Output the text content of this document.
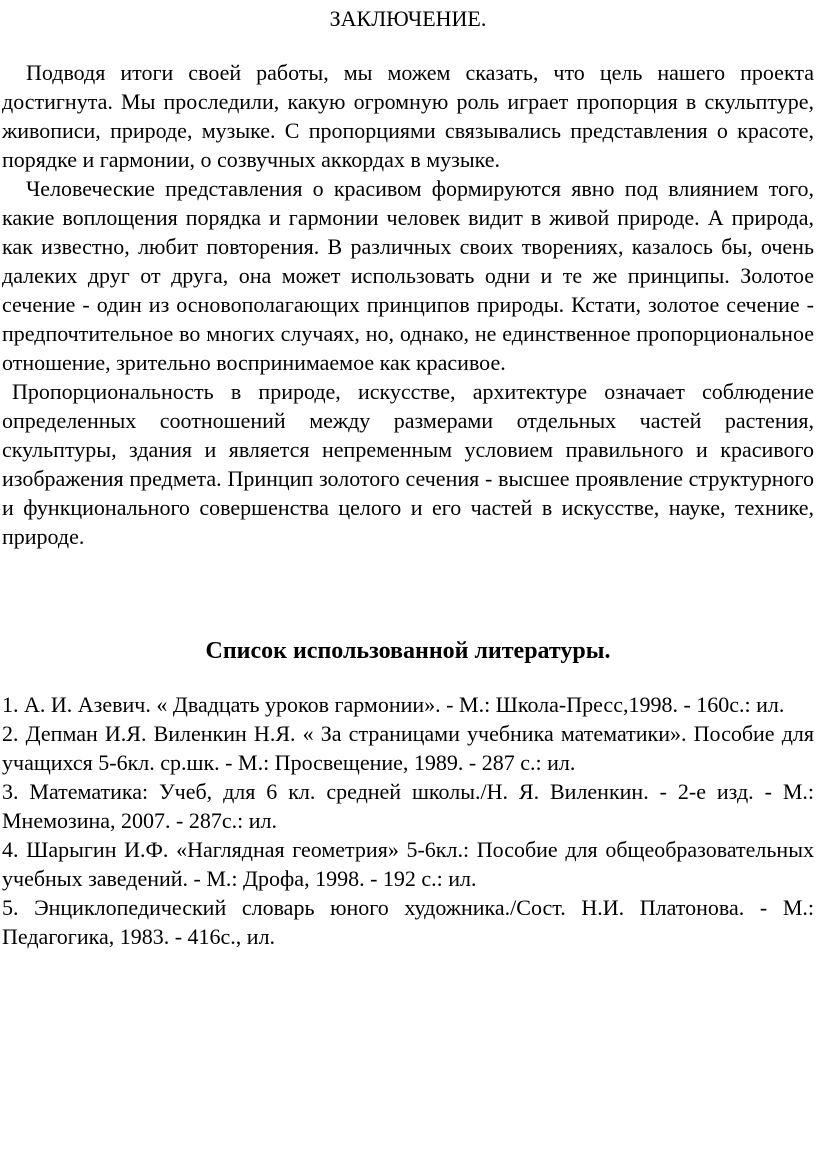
ЗАКЛЮЧЕНИЕ.

Подводя итоги своей работы, мы можем сказать, что цель нашего проекта достигнута. Мы проследили, какую огромную роль играет пропорция в скульптуре, живописи, природе, музыке. С пропорциями связывались представления о красоте, порядке и гармонии, о созвучных аккордах в музыке.

Человеческие представления о красивом формируются явно под влиянием того, какие воплощения порядка и гармонии человек видит в живой природе. А природа, как известно, любит повторения. В различных своих творениях, казалось бы, очень далеких друг от друга, она может использовать одни и те же принципы. Золотое сечение - один из основополагающих принципов природы. Кстати, золотое сечение - предпочтительное во многих случаях, но, однако, не единственное пропорциональное отношение, зрительно воспринимаемое как красивое.

Пропорциональность в природе, искусстве, архитектуре означает соблюдение определенных соотношений между размерами отдельных частей растения, скульптуры, здания и является непременным условием правильного и красивого изображения предмета. Принцип золотого сечения - высшее проявление структурного и функционального совершенства целого и его частей в искусстве, науке, технике, природе.

Список использованной литературы.
1. А. И. Азевич. « Двадцать уроков гармонии». - М.: Школа-Пресс,1998. - 160с.: ил.
2. Депман И.Я. Виленкин Н.Я. « За страницами учебника математики». Пособие для учащихся 5-6кл. ср.шк. - М.: Просвещение, 1989. - 287 с.: ил.
3. Математика: Учеб, для 6 кл. средней школы./Н. Я. Виленкин. - 2-е изд. - М.: Мнемозина, 2007. - 287с.: ил.
4. Шарыгин И.Ф. «Наглядная геометрия» 5-6кл.: Пособие для общеобразовательных учебных заведений. - М.: Дрофа, 1998. - 192 с.: ил.
5. Энциклопедический словарь юного художника./Сост. Н.И. Платонова. - М.: Педагогика, 1983. - 416с., ил.
